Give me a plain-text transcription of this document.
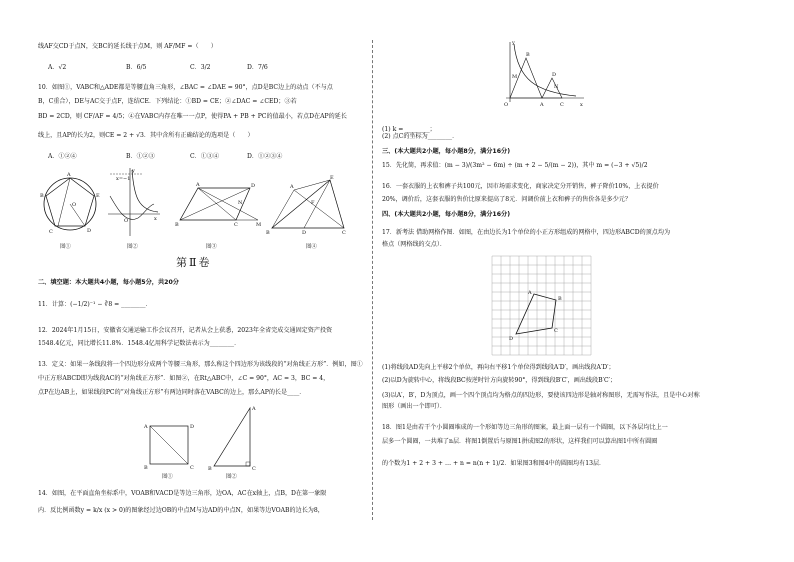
线AF交CD于点N，交BC的延长线于点M，则 AF/MF =（　　）
A．√2	B．6/5	C．3/2	D．7/6
10．如图①，VABC和△ADE都是等腰直角三角形，∠BAC = ∠DAE = 90°，点D是BC边上的动点（不与点
B，C重合），DE与AC交于点F，连结CE．下列结论：①BD = CE；②∠DAC = ∠CED；③若
BD = 2CD，则 CF/AF = 4/5；④在VABC内存在唯一一点P，使得PA + PB + PC的值最小，若点D在AP的延长
线上，且AP的长为2，则CE = 2 + √3．其中含所有正确结论的选项是（　　）
A．①②④	B．①②③	C．①③④	D．①②③④
A
E
D
C
B
O
图①
x=−1
O	x
y
图②
A	D
B	C	M
N
图③
A
E
B	D	C
F
图④
第Ⅱ卷
二、填空题：本大题共4小题，每小题5分，共20分
11．计算：(−1/2)⁻¹ − ∛8 = ________．
12．2024年1月15日，安徽省交通运输工作会议召开，记者从会上获悉，2023年全省完成交通固定资产投资
1548.4亿元，同比增长11.8%．1548.4亿用科学记数法表示为________．
13．定义：如果一条线段将一个四边形分成两个等腰三角形，那么称这个四边形为该线段的“对角线正方形”．例如，图①
中正方形ABCD即为线段AC的“对角线正方形”．如图②，在Rt△ABC中，∠C = 90°，AC = 3，BC = 4，
点P在边AB上，如果线段PC的“对角线正方形”有两边同时落在VABC的边上，那么AP的长是____．
A	D
B	C
图①
A
B	C
图②
14．如图，在平面直角坐标系中，VOAB和VACD是等边三角形，边OA，AC在x轴上，点B，D在第一象限
内．反比例函数y = k/x (x > 0)的图象经过边OB的中点M与边AD的中点N，如果等边VOAB的边长为8，
O	A	C	x
y
B
D
M
N
(1) k = ________；
(2) 点C的坐标为________．
三、(本大题共2小题，每小题8分，满分16分)
15．先化简，再求值：(m − 3)/(3m² − 6m) ÷ (m + 2 − 5/(m − 2))，其中 m = (−3 + √5)/2
16．一套衣服的上衣和裤子共100元，因市场需求变化，商家决定分开销售，裤子降价10%，上衣提价
20%，调价后，这套衣服的售价比原来提高了8元．问调价前上衣和裤子的售价各是多少元？
四、(本大题共2小题，每小题8分，满分16分)
17．新考法 借助网格作图．如图，在由边长为1个单位的小正方形组成的网格中，四边形ABCD的顶点均为
格点（网格线的交点）．
A
B
C
D
(1)将线段AD先向上平移2个单位，再向右平移1个单位得到线段A′D′，画出线段A′D′；
(2)以D为旋转中心，将线段BC按逆时针方向旋转90°，得到线段B′C′，画出线段B′C′；
(3)以A′，B′，D为顶点，画一个四个顶点均为格点的四边形，要使该四边形是轴对称图形，无需写作法，且是中心对称
图形（画出一个即可）．
18．图1是由若干个小圆圈堆成的一个形如等边三角形的图案，最上面一层有一个圆圈，以下各层均比上一
层多一个圆圈，一共堆了n层．将图1倒置后与原图1拼成图2的形状，这样我们可以算出图1中所有圆圈
的个数为1 + 2 + 3 + … + n = n(n + 1)/2．如果图3和图4中的圆圈均有13层．
